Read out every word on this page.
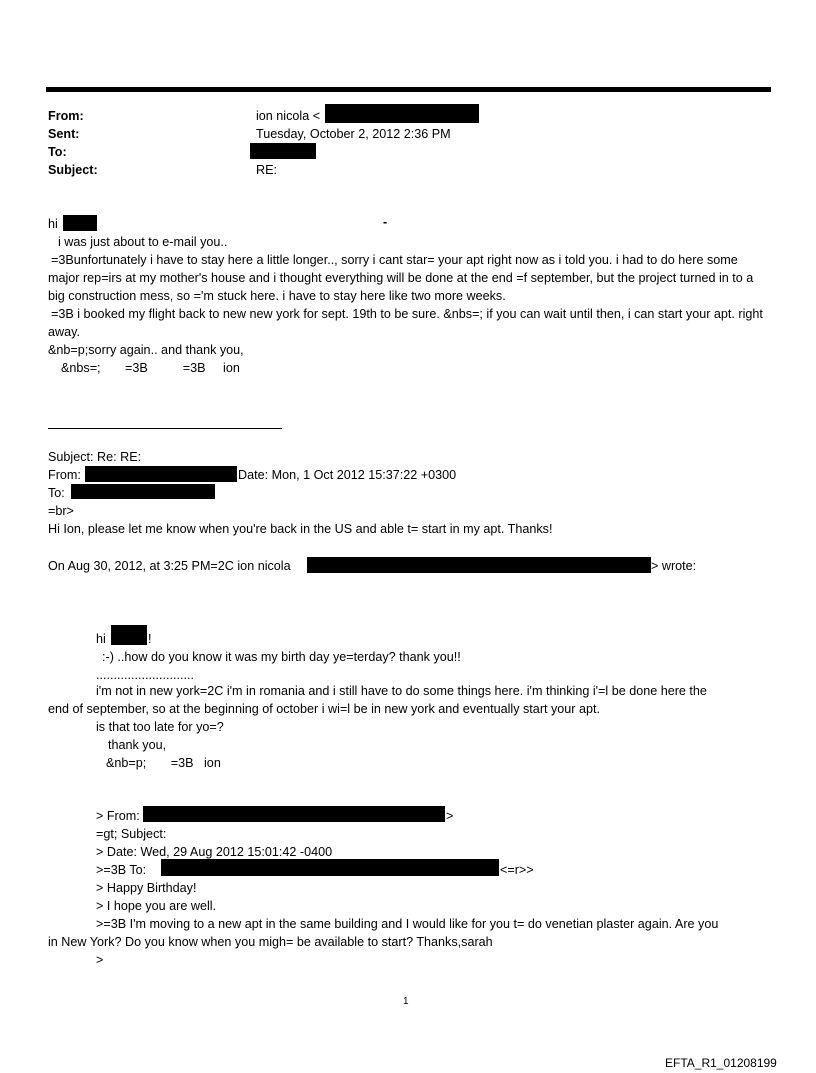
From:	ion nicola <
Sent:	Tuesday, October 2, 2012 2:36 PM
To:
Subject:	RE:
hi	-
i was just about to e-mail you..
=3Bunfortunately i have to stay here a little longer.., sorry i cant star= your apt right now as i told you. i had to do here some major rep=irs at my mother's house and i thought everything will be done at the end =f september, but the project turned in to a big construction mess, so ='m stuck here. i have to stay here like two more weeks.
=3B i booked my flight back to new new york for sept. 19th to be sure. &nbs=; if you can wait until then, i can start your apt. right away.
&nb=p;sorry again.. and thank you,
&nbs=;       =3B          =3B     ion
Subject: Re: RE:
From:	Date: Mon, 1 Oct 2012 15:37:22 +0300
To:
=br>
Hi Ion, please let me know when you're back in the US and able t= start in my apt. Thanks!
On Aug 30, 2012, at 3:25 PM=2C ion nicola	> wrote:
hi	!
:-) ..how do you know it was my birth day ye=terday? thank you!!
............................
i'm not in new york=2C i'm in romania and i still have to do some things here. i'm thinking i'=l be done here the
end of september, so at the beginning of october i wi=l be in new york and eventually start your apt.
is that too late for yo=?
thank you,
&nb=p;       =3B   ion
> From:	>
=gt; Subject:
> Date: Wed, 29 Aug 2012 15:01:42 -0400
>=3B To:	<=r>>
> Happy Birthday!
> I hope you are well.
>=3B I'm moving to a new apt in the same building and I would like for you t= do venetian plaster again. Are you
in New York? Do you know when you migh= be available to start? Thanks,sarah
>
1
EFTA_R1_01208199
